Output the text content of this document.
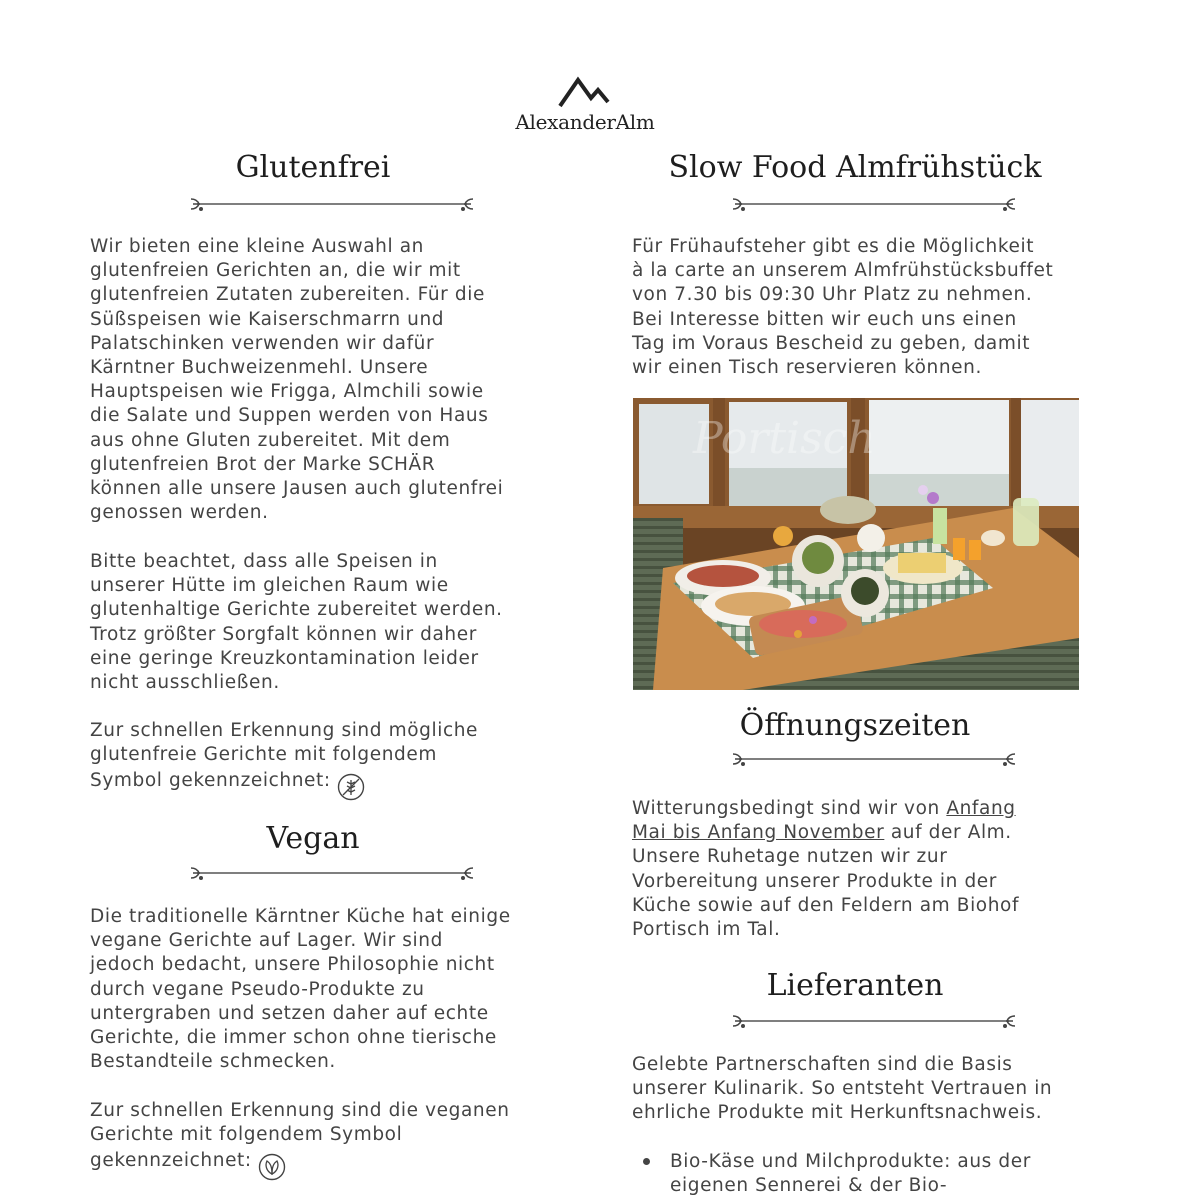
AlexanderAlm
Glutenfrei
Wir bieten eine kleine Auswahl an
glutenfreien Gerichten an, die wir mit
glutenfreien Zutaten zubereiten. Für die
Süßspeisen wie Kaiserschmarrn und
Palatschinken verwenden wir dafür
Kärntner Buchweizenmehl. Unsere
Hauptspeisen wie Frigga, Almchili sowie
die Salate und Suppen werden von Haus
aus ohne Gluten zubereitet. Mit dem
glutenfreien Brot der Marke SCHÄR
können alle unsere Jausen auch glutenfrei
genossen werden.
Bitte beachtet, dass alle Speisen in
unserer Hütte im gleichen Raum wie
glutenhaltige Gerichte zubereitet werden.
Trotz größter Sorgfalt können wir daher
eine geringe Kreuzkontamination leider
nicht ausschließen.
Zur schnellen Erkennung sind mögliche
glutenfreie Gerichte mit folgendem
Symbol gekennzeichnet:
Vegan
Die traditionelle Kärntner Küche hat einige
vegane Gerichte auf Lager. Wir sind
jedoch bedacht, unsere Philosophie nicht
durch vegane Pseudo-Produkte zu
untergraben und setzen daher auf echte
Gerichte, die immer schon ohne tierische
Bestandteile schmecken.
Zur schnellen Erkennung sind die veganen
Gerichte mit folgendem Symbol
gekennzeichnet:
Slow Food Almfrühstück
Für Frühaufsteher gibt es die Möglichkeit
à la carte an unserem Almfrühstücksbuffet
von 7.30 bis 09:30 Uhr Platz zu nehmen.
Bei Interesse bitten wir euch uns einen
Tag im Voraus Bescheid zu geben, damit
wir einen Tisch reservieren können.
Portisch
Öffnungszeiten
Witterungsbedingt sind wir von Anfang
Mai bis Anfang November auf der Alm.
Unsere Ruhetage nutzen wir zur
Vorbereitung unserer Produkte in der
Küche sowie auf den Feldern am Biohof
Portisch im Tal.
Lieferanten
Gelebte Partnerschaften sind die Basis
unserer Kulinarik. So entsteht Vertrauen in
ehrliche Produkte mit Herkunftsnachweis.
Bio-Käse und Milchprodukte: aus der
eigenen Sennerei & der Bio-
